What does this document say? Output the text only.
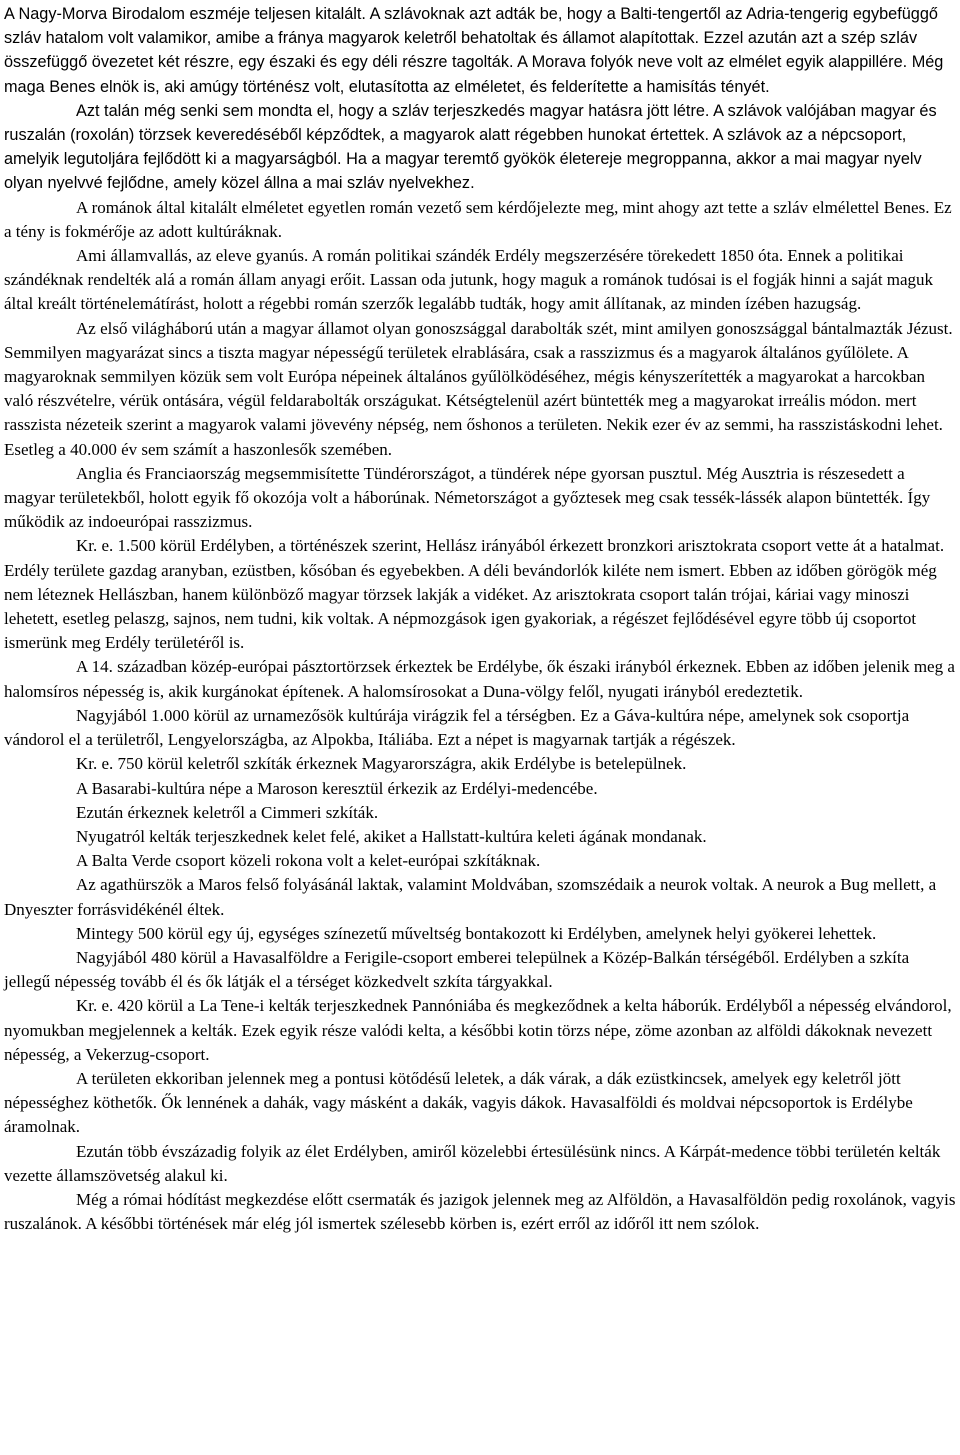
A Nagy-Morva Birodalom eszméje teljesen kitalált. A szlávoknak azt adták be, hogy a Balti-tengertől az Adria-tengerig egybefüggő szláv hatalom volt valamikor, amibe a fránya magyarok keletről behatoltak és államot alapítottak. Ezzel azután azt a szép szláv összefüggő övezetet két részre, egy északi és egy déli részre tagolták. A Morava folyók neve volt az elmélet egyik alappillére. Még maga Benes elnök is, aki amúgy történész volt, elutasította az elméletet, és felderítette a hamisítás tényét.

Azt talán még senki sem mondta el, hogy a szláv terjeszkedés magyar hatásra jött létre. A szlávok valójában magyar és ruszalán (roxolán) törzsek keveredéséből képződtek, a magyarok alatt régebben hunokat értettek. A szlávok az a népcsoport, amelyik legutoljára fejlődött ki a magyarságból. Ha a magyar teremtő gyökök életereje megroppanna, akkor a mai magyar nyelv olyan nyelvvé fejlődne, amely közel állna a mai szláv nyelvekhez.

A románok által kitalált elméletet egyetlen román vezető sem kérdőjelezte meg, mint ahogy azt tette a szláv elmélettel Benes. Ez a tény is fokmérője az adott kultúráknak.

Ami államvallás, az eleve gyanús. A román politikai szándék Erdély megszerzésére törekedett 1850 óta. Ennek a politikai szándéknak rendelték alá a román állam anyagi erőit. Lassan oda jutunk, hogy maguk a románok tudósai is el fogják hinni a saját maguk által kreált történelemátírást, holott a régebbi román szerzők legalább tudták, hogy amit állítanak, az minden ízében hazugság.

Az első világháború után a magyar államot olyan gonoszsággal darabolták szét, mint amilyen gonoszsággal bántalmazták Jézust. Semmilyen magyarázat sincs a tiszta magyar népességű területek elrablására, csak a rasszizmus és a magyarok általános gyűlölete. A magyaroknak semmilyen közük sem volt Európa népeinek általános gyűlölködéséhez, mégis kényszerítették a magyarokat a harcokban való részvételre, vérük ontására, végül feldarabolták országukat. Kétségtelenül azért büntették meg a magyarokat irreális módon. mert rasszista nézeteik szerint a magyarok valami jövevény népség, nem őshonos a területen. Nekik ezer év az semmi, ha rasszistáskodni lehet. Esetleg a 40.000 év sem számít a haszonlesők szemében.

Anglia és Franciaország megsemmisítette Tündérországot, a tündérek népe gyorsan pusztul. Még Ausztria is részesedett a magyar területekből, holott egyik fő okozója volt a háborúnak. Németországot a győztesek meg csak tessék-lássék alapon büntették. Így működik az indoeurópai rasszizmus.

Kr. e. 1.500 körül Erdélyben, a történészek szerint, Hellász irányából érkezett bronzkori arisztokrata csoport vette át a hatalmat. Erdély területe gazdag aranyban, ezüstben, kősóban és egyebekben. A déli bevándorlók kiléte nem ismert. Ebben az időben görögök még nem léteznek Hellászban, hanem különböző magyar törzsek lakják a vidéket. Az arisztokrata csoport talán trójai, káriai vagy minoszi lehetett, esetleg pelaszg, sajnos, nem tudni, kik voltak. A népmozgások igen gyakoriak, a régészet fejlődésével egyre több új csoportot ismerünk meg Erdély területéről is.

A 14. században közép-európai pásztortörzsek érkeztek be Erdélybe, ők északi irányból érkeznek. Ebben az időben jelenik meg a halomsíros népesség is, akik kurgánokat építenek. A halomsírosokat a Duna-völgy felől, nyugati irányból eredeztetik.

Nagyjából 1.000 körül az urnamezősök kultúrája virágzik fel a térségben. Ez a Gáva-kultúra népe, amelynek sok csoportja vándorol el a területről, Lengyelországba, az Alpokba, Itáliába. Ezt a népet is magyarnak tartják a régészek.

Kr. e. 750 körül keletről szkíták érkeznek Magyarországra, akik Erdélybe is betelepülnek.

A Basarabi-kultúra népe a Maroson keresztül érkezik az Erdélyi-medencébe.

Ezután érkeznek keletről a Cimmeri szkíták.

Nyugatról kelták terjeszkednek kelet felé, akiket a Hallstatt-kultúra keleti ágának mondanak.

A Balta Verde csoport közeli rokona volt a kelet-európai szkítáknak.

Az agathürszök a Maros felső folyásánál laktak, valamint Moldvában, szomszédaik a neurok voltak. A neurok a Bug mellett, a Dnyeszter forrásvidékénél éltek.

Mintegy 500 körül egy új, egységes színezetű műveltség bontakozott ki Erdélyben, amelynek helyi gyökerei lehettek.

Nagyjából 480 körül a Havasalföldre a Ferigile-csoport emberei települnek a Közép-Balkán térségéből. Erdélyben a szkíta jellegű népesség tovább él és ők látják el a térséget közkedvelt szkíta tárgyakkal.

Kr. e. 420 körül a La Tene-i kelták terjeszkednek Pannóniába és megkeződnek a kelta háborúk. Erdélyből a népesség elvándorol, nyomukban megjelennek a kelták. Ezek egyik része valódi kelta, a későbbi kotin törzs népe, zöme azonban az alföldi dákoknak nevezett népesség, a Vekerzug-csoport.

A területen ekkoriban jelennek meg a pontusi kötődésű leletek, a dák várak, a dák ezüstkincsek, amelyek egy keletről jött népességhez köthetők. Ők lennének a dahák, vagy másként a dakák, vagyis dákok. Havasalföldi és moldvai népcsoportok is Erdélybe áramolnak.

Ezután több évszázadig folyik az élet Erdélyben, amiről közelebbi értesülésünk nincs. A Kárpát-medence többi területén kelták vezette államszövetség alakul ki.

Még a római hódítást megkezdése előtt csermaták és jazigok jelennek meg az Alföldön, a Havasalföldön pedig roxolánok, vagyis ruszalánok. A későbbi történések már elég jól ismertek szélesebb körben is, ezért erről az időről itt nem szólok.
